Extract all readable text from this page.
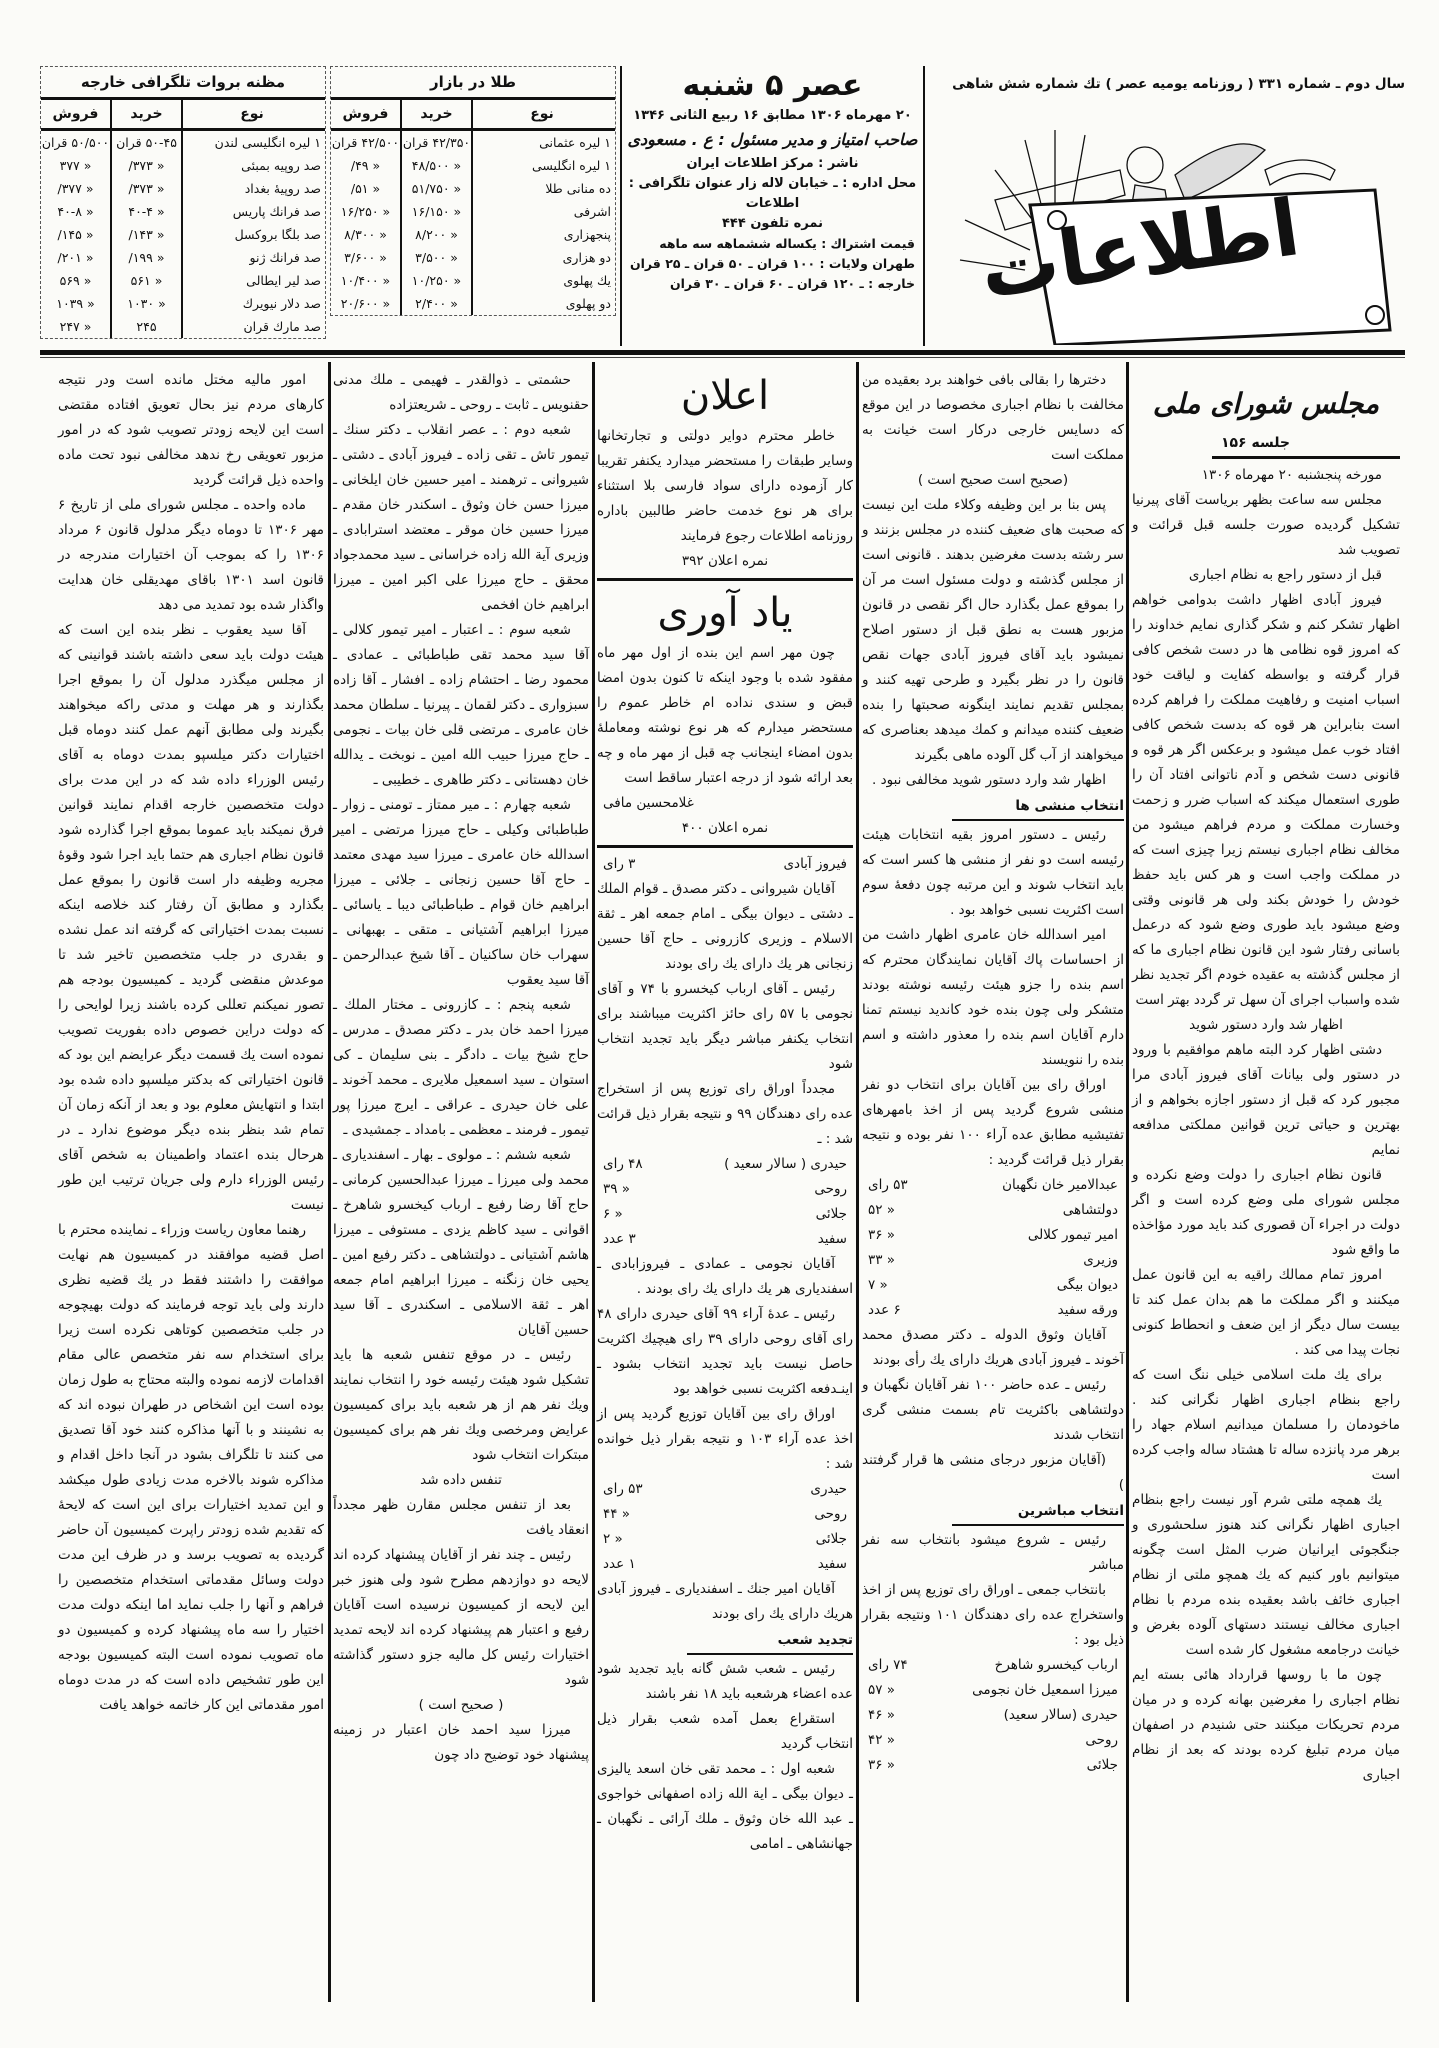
سال دوم ـ شماره ۳۳۱ ( روزنامه یومیه عصر ) تك شماره شش شاهی
اطلاعات
عصر ۵ شنبه
۲۰ مهرماه ۱۳۰۶ مطابق ۱۶ ربیع الثانی ۱۳۴۶
صاحب امتیاز و مدیر مسئول : ع . مسعودی
ناشر : مرکز اطلاعات ایران
محل اداره : ـ خیابان لاله زار عنوان تلگرافی : اطلاعات
نمره تلفون ۴۴۴
قیمت اشتراك : یکساله ششماهه سه ماهه
طهران ولایات : ۱۰۰ قران ـ ۵۰ قران ـ ۲۵ قران
خارجه : ـ ۱۲۰ قران ـ ۶۰ قران ـ ۳۰ قران
طلا در بازار
نوع
خرید
فروش
۱ لیره عثمانی
۴۲/۳۵۰ قران
۴۲/۵۰۰ قران
۱ لیره انگلیسی
« ۴۸/۵۰۰
« ۴۹/
ده منانی طلا
« ۵۱/۷۵۰
« ۵۱/
اشرفی
« ۱۶/۱۵۰
« ۱۶/۲۵۰
پنجهزاری
« ۸/۲۰۰
« ۸/۳۰۰
دو هزاری
« ۳/۵۰۰
« ۳/۶۰۰
یك پهلوی
« ۱۰/۲۵۰
« ۱۰/۴۰۰
دو پهلوی
« ۲/۴۰۰
« ۲۰/۶۰۰
مظنه بروات تلگرافی خارجه
نوع
خرید
فروش
۱ لیره انگلیسی لندن
۵۰-۴۵ قران
۵۰/۵۰۰ قران
صد روپیه بمبئی
« ۳۷۳/
« ۳۷۷
صد روپیهٔ بغداد
« ۳۷۳/
« ۳۷۷/
صد فرانك پاریس
« ۴۰-۴
« ۴۰-۸
صد بلگا بروکسل
« ۱۴۳/
« ۱۴۵/
صد فرانك ژنو
« ۱۹۹/
« ۲۰۱/
صد لیر ایطالی
« ۵۶۱
« ۵۶۹
صد دلار نیویرك
« ۱۰۳۰
« ۱۰۳۹
صد مارك قران
۲۴۵
« ۲۴۷
مجلس شورای ملی
جلسه ۱۵۶

مورخه پنجشنبه ۲۰ مهرماه ۱۳۰۶

مجلس سه ساعت بظهر بریاست آقای پیرنیا تشکیل گردیده صورت جلسه قبل قرائت و تصویب شد

قبل از دستور راجع به نظام اجباری

فیروز آبادی اظهار داشت بدوامی خواهم اظهار تشکر کنم و شکر گذاری نمایم خداوند را که امروز قوه نظامی ها در دست شخص کافی قرار گرفته و بواسطه کفایت و لیاقت خود اسباب امنیت و رفاهیت مملکت را فراهم کرده است بنابراین هر قوه که بدست شخص کافی افتاد خوب عمل میشود و برعکس اگر هر قوه و قانونی دست شخص و آدم ناتوانی افتاد آن را طوری استعمال میکند که اسباب ضرر و زحمت وخسارت مملکت و مردم فراهم میشود من مخالف نظام اجباری نیستم زیرا چیزی است که در مملکت واجب است و هر کس باید حفظ خودش را خودش بکند ولی هر قانونی وقتی وضع میشود باید طوری وضع شود که درعمل باسانی رفتار شود این قانون نظام اجباری ما که از مجلس گذشته به عقیده خودم اگر تجدید نظر شده واسباب اجرای آن سهل تر گردد بهتر است

اظهار شد وارد دستور شوید

دشتی اظهار کرد البته ماهم موافقیم با ورود در دستور ولی بیانات آقای فیروز آبادی مرا مجبور کرد که قبل از دستور اجازه بخواهم و از بهترین و حیاتی ترین قوانین مملکتی مدافعه نمایم

قانون نظام اجباری را دولت وضع نکرده و مجلس شورای ملی وضع کرده است و اگر دولت در اجراء آن قصوری کند باید مورد مؤاخذه ما واقع شود

امروز تمام ممالك راقیه به این قانون عمل میکنند و اگر مملکت ما هم بدان عمل کند تا بیست سال دیگر از این ضعف و انحطاط کنونی نجات پیدا می کند .

برای یك ملت اسلامی خیلی ننگ است که راجع بنظام اجباری اظهار نگرانی کند . ماخودمان را مسلمان میدانیم اسلام جهاد را برهر مرد پانزده ساله تا هشتاد ساله واجب کرده است

یك همچه ملتی شرم آور نیست راجع بنظام اجباری اظهار نگرانی کند هنوز سلحشوری و جنگجوئی ایرانیان ضرب المثل است چگونه میتوانیم باور کنیم که یك همچو ملتی از نظام اجباری خائف باشد بعقیده بنده مردم با نظام اجباری مخالف نیستند دستهای آلوده بغرض و خیانت درجامعه مشغول کار شده است

چون ما با روسها قرارداد هائی بسته ایم نظام اجباری را مغرضین بهانه کرده و در میان مردم تحریکات میکنند حتی شنیدم در اصفهان میان مردم تبلیغ کرده بودند که بعد از نظام اجباری

دخترها را بقالی بافی خواهند برد بعقیده من مخالفت با نظام اجباری مخصوصا در این موقع که دسایس خارجی درکار است خیانت به مملکت است

(صحیح است صحیح است )

پس بنا بر این وظیفه وکلاء ملت این نیست که صحبت های ضعیف کننده در مجلس بزنند و سر رشته بدست مغرضین بدهند . قانونی است از مجلس گذشته و دولت مسئول است مر آن را بموقع عمل بگذارد حال اگر نقصی در قانون مزبور هست به نطق قبل از دستور اصلاح نمیشود باید آقای فیروز آبادی جهات نقص قانون را در نظر بگیرد و طرحی تهیه کنند و بمجلس تقدیم نمایند اینگونه صحبتها را بنده ضعیف کننده میدانم و کمك میدهد بعناصری که میخواهند از آب گل آلوده ماهی بگیرند

اظهار شد وارد دستور شوید مخالفی نبود .

انتخاب منشی ها

رئیس ـ دستور امروز بقیه انتخابات هیئت رئیسه است دو نفر از منشی ها کسر است که باید انتخاب شوند و این مرتبه چون دفعهٔ سوم است اکثریت نسبی خواهد بود .

امیر اسدالله خان عامری اظهار داشت من از احساسات پاك آقایان نمایندگان محترم که اسم بنده را جزو هیئت رئیسه نوشته بودند متشکر ولی چون بنده خود کاندید نیستم تمنا دارم آقایان اسم بنده را معذور داشته و اسم بنده را ننویسند

اوراق رای بین آقایان برای انتخاب دو نفر منشی شروع گردید پس از اخذ بامهرهای تفتیشیه مطابق عده آراء ۱۰۰ نفر بوده و نتیجه بقرار ذیل قرائت گردید :

عبدالامیر خان نگهبان
۵۳ رای
دولتشاهی
« ۵۲
امیر تیمور کلالی
« ۳۶
وزیری
« ۳۳
دیوان بیگی
« ۷
ورقه سفید
۶ عدد

آقایان وثوق الدوله ـ دکتر مصدق محمد آخوند ـ فیروز آبادی هریك دارای یك رأی بودند

رئیس ـ عده حاضر ۱۰۰ نفر آقایان نگهبان و دولتشاهی باکثریت تام بسمت منشی گری انتخاب شدند

(آقایان مزبور درجای منشی ها قرار گرفتند )

انتخاب مباشرین

رئیس ـ شروع میشود بانتخاب سه نفر مباشر

بانتخاب جمعی ـ اوراق رای توزیع پس از اخذ واستخراج عده رای دهندگان ۱۰۱ ونتیجه بقرار ذیل بود :

ارباب کیخسرو شاهرخ
۷۴ رای
میرزا اسمعیل خان نجومی
« ۵۷
حیدری (سالار سعید)
« ۴۶
روحی
« ۴۲
جلائی
« ۳۶
اعلان

خاطر محترم دوایر دولتی و تجارتخانها وسایر طبقات را مستحضر میدارد یکنفر تقریبا کار آزموده دارای سواد فارسی بلا استثناء برای هر نوع خدمت حاضر طالبین باداره روزنامه اطلاعات رجوع فرمایند

نمره اعلان ۳۹۲

یاد آوری

چون مهر اسم این بنده از اول مهر ماه مفقود شده با وجود اینکه تا کنون بدون امضا قبض و سندی نداده ام خاطر عموم را مستحضر میدارم که هر نوع نوشته ومعاملهٔ بدون امضاء اینجانب چه قبل از مهر ماه و چه بعد ارائه شود از درجه اعتبار ساقط است

غلامحسین مافی

نمره اعلان ۴۰۰

فیروز آبادی
۳ رای

آقایان شیروانی ـ دکتر مصدق ـ قوام الملك ـ دشتی ـ دیوان بیگی ـ امام جمعه اهر ـ ثقة الاسلام ـ وزیری کازرونی ـ حاج آقا حسین زنجانی هر یك دارای یك رای بودند

رئیس ـ آقای ارباب کیخسرو با ۷۴ و آقای نجومی با ۵۷ رای حائز اکثریت میباشند برای انتخاب یکنفر مباشر دیگر باید تجدید انتخاب شود

مجدداً اوراق رای توزیع پس از استخراج عده رای دهندگان ۹۹ و نتیجه بقرار ذیل قرائت شد : ـ

حیدری ( سالار سعید )
۴۸ رای
روحی
« ۳۹
جلائی
« ۶
سفید
۳ عدد

آقایان نجومی ـ عمادی ـ فیروزابادی ـ اسفندیاری هر یك دارای یك رای بودند .

رئیس ـ عدهٔ آراء ۹۹ آقای حیدری دارای ۴۸ رای آقای روحی دارای ۳۹ رای هیچیك اکثریت حاصل نیست باید تجدید انتخاب بشود ـ اینـدفعه اکثریت نسبی خواهد بود

اوراق رای بین آقایان توزیع گردید پس از اخذ عده آراء ۱۰۳ و نتیجه بقرار ذیل خوانده شد :

حیدری
۵۳ رای
روحی
« ۴۴
جلائی
« ۲
سفید
۱ عدد

آقایان امیر جنك ـ اسفندیاری ـ فیروز آبادی هریك دارای یك رای بودند

تجدید شعب

رئیس ـ شعب شش گانه باید تجدید شود عده اعضاء هرشعبه باید ۱۸ نفر باشند

استقراع بعمل آمده شعب بقرار ذیل انتخاب گردید

شعبه اول : ـ محمد تقی خان اسعد یالیزی ـ دیوان بیگی ـ ایة الله زاده اصفهانی خواجوی ـ عبد الله خان وثوق ـ ملك آرائی ـ نگهبان ـ جهانشاهی ـ امامی

حشمتی ـ ذوالقدر ـ فهیمی ـ ملك مدنی حقنویس ـ ثابت ـ روحی ـ شریعتزاده

شعبه دوم : ـ عصر انقلاب ـ دکتر سنك ـ تیمور تاش ـ تقی زاده ـ فیروز آبادی ـ دشتی ـ شیروانی ـ ترهمند ـ امیر حسین خان ایلخانی ـ میرزا حسن خان وثوق ـ اسکندر خان مقدم ـ میرزا حسین خان موقر ـ معتضد استرابادی ـ وزیری آیة الله زاده خراسانی ـ سید محمدجواد محقق ـ حاج میرزا علی اکبر امین ـ میرزا ابراهیم خان افخمی

شعبه سوم : ـ اعتبار ـ امیر تیمور کلالی ـ آقا سید محمد تقی طباطبائی ـ عمادی ـ محمود رضا ـ احتشام زاده ـ افشار ـ آقا زاده سبزواری ـ دکتر لقمان ـ پیرنیا ـ سلطان محمد خان عامری ـ مرتضی قلی خان بیات ـ نجومی ـ حاج میرزا حبیب الله امین ـ نوبخت ـ یدالله خان دهستانی ـ دکتر طاهری ـ خطیبی ـ

شعبه چهارم : ـ میر ممتاز ـ تومنی ـ زوار ـ طباطبائی وکیلی ـ حاج میرزا مرتضی ـ امیر اسدالله خان عامری ـ میرزا سید مهدی معتمد ـ حاج آقا حسین زنجانی ـ جلائی ـ میرزا ابراهیم خان قوام ـ طباطبائی دیبا ـ یاسائی ـ میرزا ابراهیم آشتیانی ـ متقی ـ بهبهانی ـ سهراب خان ساکنیان ـ آقا شیخ عبدالرحمن ـ آقا سید یعقوب

شعبه پنجم : ـ کازرونی ـ مختار الملك ـ میرزا احمد خان بدر ـ دکتر مصدق ـ مدرس ـ حاج شیخ بیات ـ دادگر ـ بنی سلیمان ـ کی استوان ـ سید اسمعیل ملایری ـ محمد آخوند ـ علی خان حیدری ـ عراقی ـ ایرج میرزا پور تیمور ـ فرمند ـ معظمی ـ بامداد ـ جمشیدی ـ

شعبه ششم : ـ مولوی ـ بهار ـ اسفندیاری ـ محمد ولی میرزا ـ میرزا عبدالحسین کرمانی ـ حاج آقا رضا رفیع ـ ارباب کیخسرو شاهرخ ـ اقوانی ـ سید کاظم یزدی ـ مستوفی ـ میرزا هاشم آشتیانی ـ دولتشاهی ـ دکتر رفیع امین ـ یحیی خان زنگنه ـ میرزا ابراهیم امام جمعه اهر ـ ثقة الاسلامی ـ اسکندری ـ آقا سید حسین آقایان

رئیس ـ در موقع تنفس شعبه ها باید تشکیل شود هیئت رئیسه خود را انتخاب نمایند ویك نفر هم از هر شعبه باید برای کمیسیون عرایض ومرخصی ویك نفر هم برای کمیسیون مبتکرات انتخاب شود

تنفس داده شد

بعد از تنفس مجلس مقارن ظهر مجدداً انعقاد یافت

رئیس ـ چند نفر از آقایان پیشنهاد کرده اند لایحه دو دوازدهم مطرح شود ولی هنوز خبر این لایحه از کمیسیون نرسیده است آقایان رفیع و اعتبار هم پیشنهاد کرده اند لایحه تمدید اختیارات رئیس کل مالیه جزو دستور گذاشته شود

( صحیح است )

میرزا سید احمد خان اعتبار در زمینه پیشنهاد خود توضیح داد چون

امور مالیه مختل مانده است ودر نتیجه کارهای مردم نیز بحال تعویق افتاده مقتضی است این لایحه زودتر تصویب شود که در امور مزبور تعویقی رخ ندهد مخالفی نبود تحت ماده واحده ذیل قرائت گردید

ماده واحده ـ مجلس شورای ملی از تاریخ ۶ مهر ۱۳۰۶ تا دوماه دیگر مدلول قانون ۶ مرداد ۱۳۰۶ را که بموجب آن اختیارات مندرجه در قانون اسد ۱۳۰۱ باقای مهدیقلی خان هدایت واگذار شده بود تمدید می دهد

آقا سید یعقوب ـ نظر بنده این است که هیئت دولت باید سعی داشته باشند قوانینی که از مجلس میگذرد مدلول آن را بموقع اجرا بگذارند و هر مهلت و مدتی راکه میخواهند بگیرند ولی مطابق آنهم عمل کنند دوماه قبل اختیارات دکتر میلسپو بمدت دوماه به آقای رئیس الوزراء داده شد که در این مدت برای دولت متخصصین خارجه اقدام نمایند قوانین فرق نمیکند باید عموما بموقع اجرا گذارده شود قانون نظام اجباری هم حتما باید اجرا شود وقوهٔ مجریه وظیفه دار است قانون را بموقع عمل بگذارد و مطابق آن رفتار کند خلاصه اینکه نسبت بمدت اختیاراتی که گرفته اند عمل نشده و بقدری در جلب متخصصین تاخیر شد تا موعدش منقضی گردید ـ کمیسیون بودجه هم تصور نمیکنم تعللی کرده باشند زیرا لوایحی را که دولت دراین خصوص داده بفوریت تصویب نموده است یك قسمت دیگر عرایضم این بود که قانون اختیاراتی که بدکتر میلسپو داده شده بود ابتدا و انتهایش معلوم بود و بعد از آنکه زمان آن تمام شد بنظر بنده دیگر موضوع ندارد ـ در هرحال بنده اعتماد واطمینان به شخص آقای رئیس الوزراء دارم ولی جریان ترتیب این طور نیست

رهنما معاون ریاست وزراء ـ نماینده محترم با اصل قضیه موافقند در کمیسیون هم نهایت موافقت را داشتند فقط در یك قضیه نظری دارند ولی باید توجه فرمایند که دولت بهیچوجه در جلب متخصصین کوتاهی نکرده است زیرا برای استخدام سه نفر متخصص عالی مقام اقدامات لازمه نموده والبته محتاج به طول زمان بوده است این اشخاص در طهران نبوده اند که به نشینند و با آنها مذاکره کنند خود آقا تصدیق می کنند تا تلگراف بشود در آنجا داخل اقدام و مذاکره شوند بالاخره مدت زیادی طول میکشد و این تمدید اختیارات برای این است که لایحهٔ که تقدیم شده زودتر راپرت کمیسیون آن حاضر گردیده به تصویب برسد و در ظرف این مدت دولت وسائل مقدماتی استخدام متخصصین را فراهم و آنها را جلب نماید اما اینکه دولت مدت اختیار را سه ماه پیشنهاد کرده و کمیسیون دو ماه تصویب نموده است البته کمیسیون بودجه این طور تشخیص داده است که در مدت دوماه امور مقدماتی این کار خاتمه خواهد یافت
